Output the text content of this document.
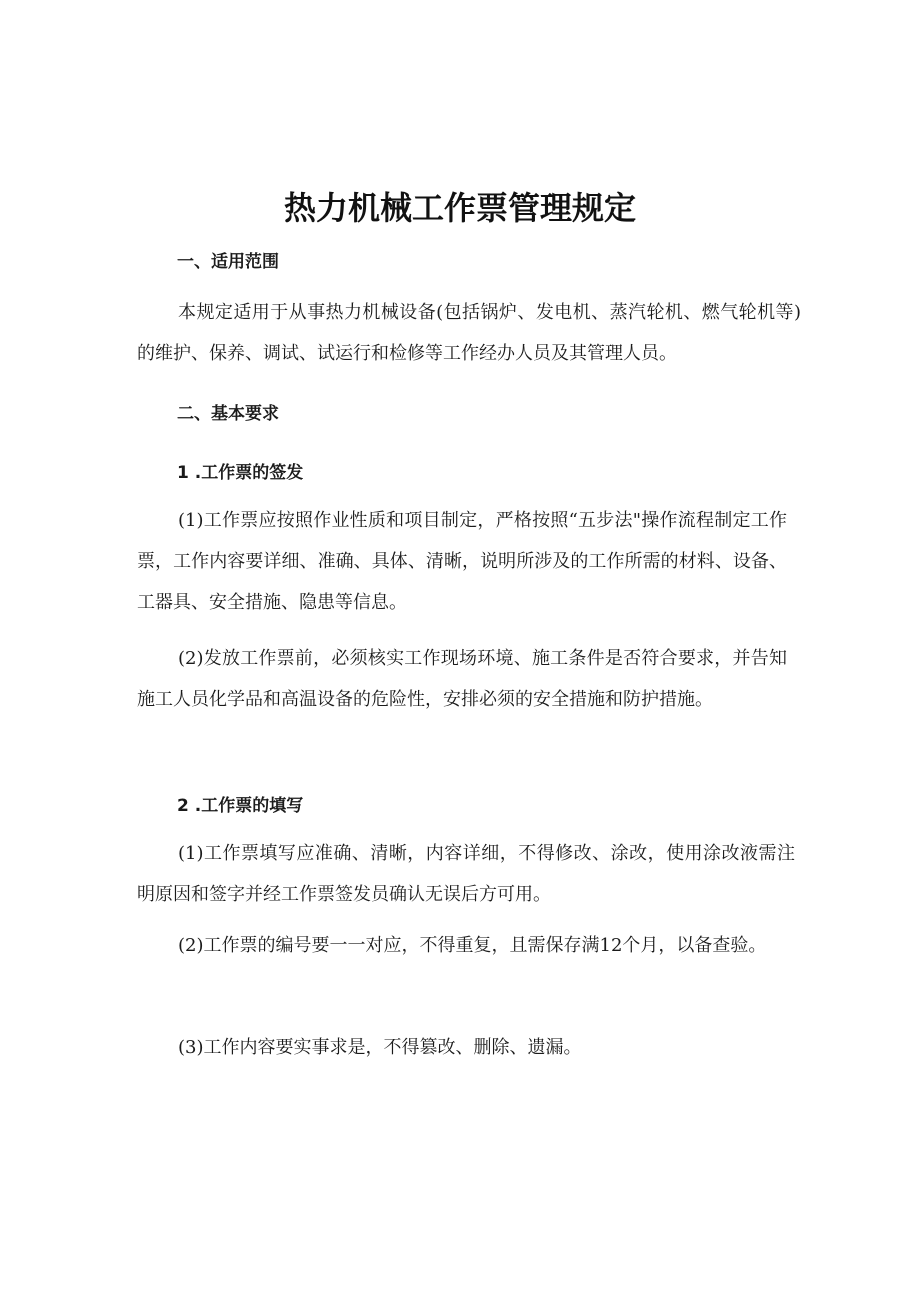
热力机械工作票管理规定
一、适用范围

本规定适用于从事热力机械设备(包括锅炉、发电机、蒸汽轮机、燃气轮机等)的维护、保养、调试、试运行和检修等工作经办人员及其管理人员。

二、基本要求
1 .工作票的签发

(1)工作票应按照作业性质和项目制定，严格按照“五步法"操作流程制定工作票，工作内容要详细、准确、具体、清晰，说明所涉及的工作所需的材料、设备、工器具、安全措施、隐患等信息。

(2)发放工作票前，必须核实工作现场环境、施工条件是否符合要求，并告知施工人员化学品和高温设备的危险性，安排必须的安全措施和防护措施。

2 .工作票的填写

(1)工作票填写应准确、清晰，内容详细，不得修改、涂改，使用涂改液需注明原因和签字并经工作票签发员确认无误后方可用。

(2)工作票的编号要一一对应，不得重复，且需保存满12个月，以备查验。

(3)工作内容要实事求是，不得篡改、删除、遗漏。
